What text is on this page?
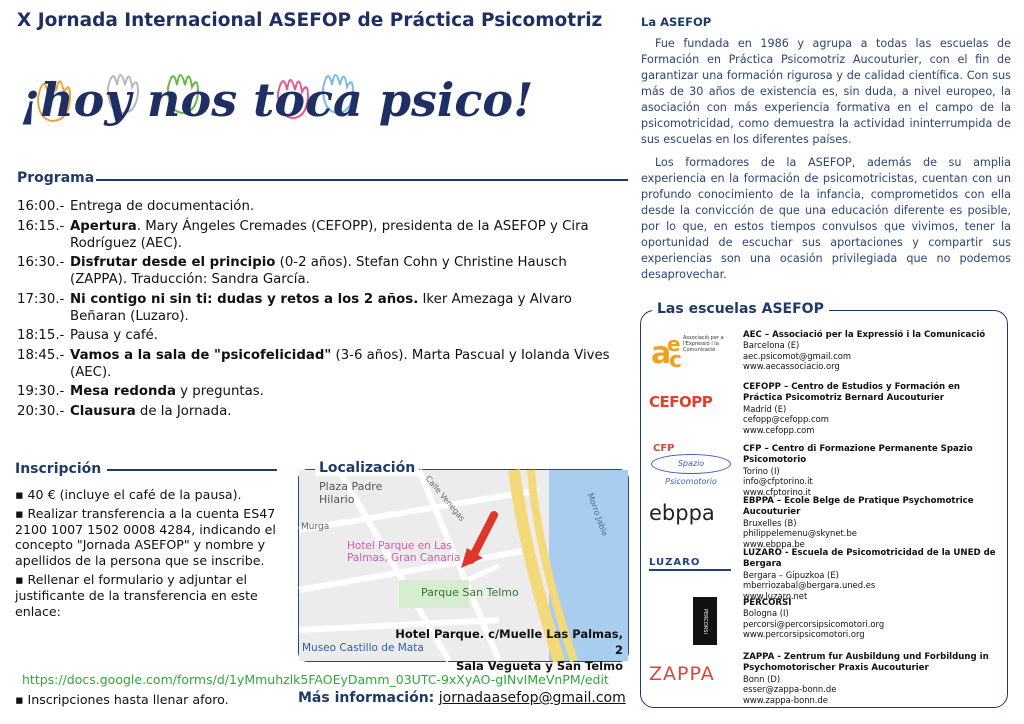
X Jornada Internacional ASEFOP de Práctica Psicomotriz
¡hoy nos toca psico!
Programa
16:00.- Entrega de documentación.
16:15.- Apertura. Mary Ángeles Cremades (CEFOPP), presidenta de la ASEFOP y Cira Rodríguez (AEC).
16:30.- Disfrutar desde el principio (0-2 años). Stefan Cohn y Christine Hausch (ZAPPA). Traducción: Sandra García.
17:30.- Ni contigo ni sin ti: dudas y retos a los 2 años. Iker Amezaga y Alvaro Beñaran (Luzaro).
18:15.- Pausa y café.
18:45.- Vamos a la sala de "psicofelicidad" (3-6 años). Marta Pascual y Iolanda Vives (AEC).
19:30.- Mesa redonda y preguntas.
20:30.- Clausura de la Jornada.
Inscripción
▪ 40 € (incluye el café de la pausa).
▪ Realizar transferencia a la cuenta ES47 2100 1007 1502 0008 4284, indicando el concepto "Jornada ASEFOP" y nombre y apellidos de la persona que se inscribe.
▪ Rellenar el formulario y adjuntar el justificante de la transferencia en este enlace:
https://docs.google.com/forms/d/1yMmuhzlk5FAOEyDamm_03UTC-9xXyAO-gINvIMeVnPM/edit
▪ Inscripciones hasta llenar aforo.
Plaza Padre Hilario	Calle Venegas
Murga
Hotel Parque en Las Palmas, Gran Canaria
Parque San Telmo
Morro Jable
Museo Castillo de Mata
Hotel Parque. c/Muelle Las Palmas, 2
Sala Vegueta y San Telmo
Localización
Más información: jornadaasefop@gmail.com
La ASEFOP
Fue fundada en 1986 y agrupa a todas las escuelas de Formación en Práctica Psicomotriz Aucouturier, con el fin de garantizar una formación rigurosa y de calidad científica. Con sus más de 30 años de existencia es, sin duda, a nivel europeo, la asociación con más experiencia formativa en el campo de la psicomotricidad, como demuestra la actividad ininterrumpida de sus escuelas en los diferentes países.
Los formadores de la ASEFOP, además de su amplia experiencia en la formación de psicomotricistas, cuentan con un profundo conocimiento de la infancia, comprometidos con ella desde la convicción de que una educación diferente es posible, por lo que, en estos tiempos convulsos que vivimos, tener la oportunidad de escuchar sus aportaciones y compartir sus experiencias son una ocasión privilegiada que no podemos desaprovechar.
a
e
c
Associació per a l'Expressió i la Comunicació
AEC – Associació per la Expressió i la Comunicació
Barcelona (E)
aec.psicomot@gmail.com
www.aecassociacio.org
CEFOPP
CEFOPP – Centro de Estudios y Formación en Práctica Psicomotriz Bernard Aucouturier
Madrid (E)
cefopp@cefopp.com
www.cefopp.com
CFP
Spazio Psicomotorio
CFP – Centro di Formazione Permanente Spazio Psicomotorio
Torino (I)
info@cfptorino.it
www.cfptorino.it
ebppa	EBPPA – Ecole Belge de Pratique Psychomotrice Aucouturier
Bruxelles (B)
philippelemenu@skynet.be
www.ebppa.be
LUZARO
LUZARO - Escuela de Psicomotricidad de la UNED de Bergara
Bergara – Gipuzkoa (E)
mberriozabal@bergara.uned.es
www.luzaro.net
PERCORSI
PERCORSI
Bologna (I)
percorsi@percorsipsicomotori.org
www.percorsipsicomotori.org
ZAPPA
ZAPPA - Zentrum fur Ausbildung und Forbildung in Psychomotorischer Praxis Aucouturier
Bonn (D)
esser@zappa-bonn.de
www.zappa-bonn.de
Las escuelas ASEFOP
